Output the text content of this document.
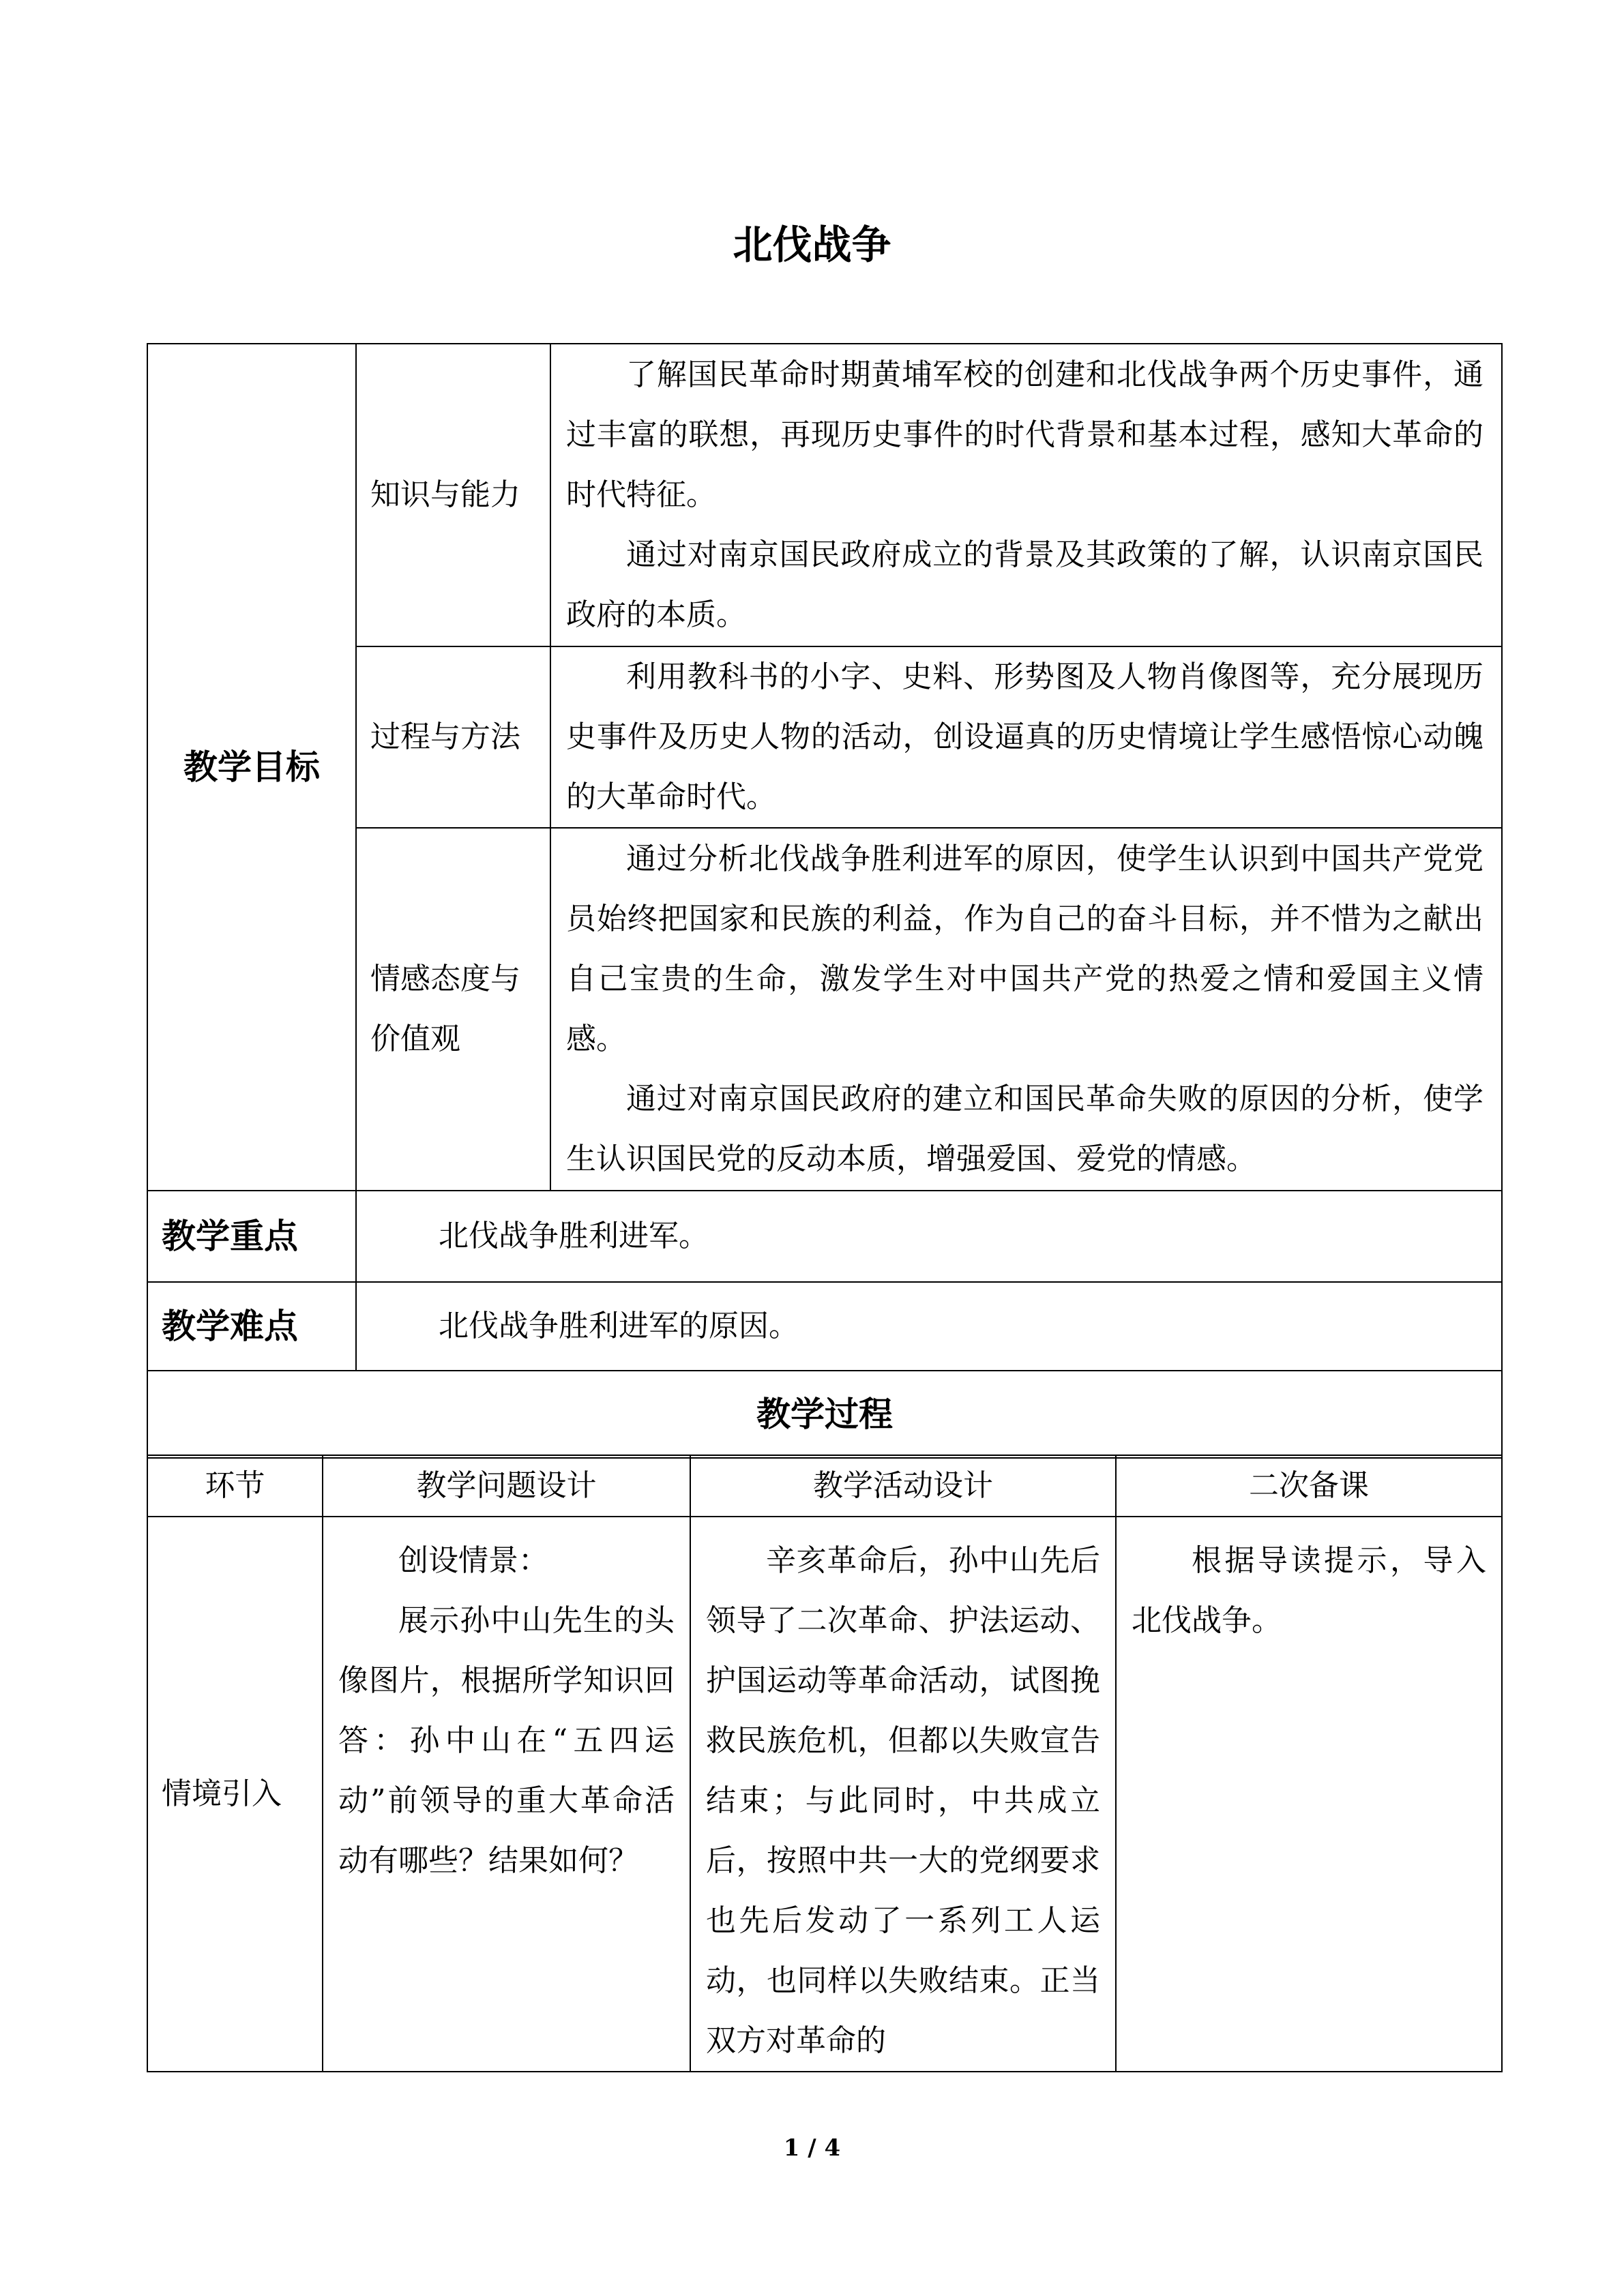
北伐战争
教学目标	知识与能力	了解国民革命时期黄埔军校的创建和北伐战争两个历史事件，通过丰富的联想，再现历史事件的时代背景和基本过程，感知大革命的时代特征。

通过对南京国民政府成立的背景及其政策的了解，认识南京国民政府的本质。

	过程与方法	利用教科书的小字、史料、形势图及人物肖像图等，充分展现历史事件及历史人物的活动，创设逼真的历史情境让学生感悟惊心动魄的大革命时代。

	情感态度与价值观	通过分析北伐战争胜利进军的原因，使学生认识到中国共产党党员始终把国家和民族的利益，作为自己的奋斗目标，并不惜为之献出自己宝贵的生命，激发学生对中国共产党的热爱之情和爱国主义情感。

通过对南京国民政府的建立和国民革命失败的原因的分析，使学生认识国民党的反动本质，增强爱国、爱党的情感。

教学重点	北伐战争胜利进军。	
教学难点	北伐战争胜利进军的原因。	
教学过程		
环节	教学问题设计	教学活动设计	二次备课
情境引入	创设情景：

展示孙中山先生的头像图片，根据所学知识回答：孙中山在“五四运动”前领导的重大革命活动有哪些？结果如何？	辛亥革命后，孙中山先后领导了二次革命、护法运动、护国运动等革命活动，试图挽救民族危机，但都以失败宣告结束；与此同时，中共成立后，按照中共一大的党纲要求也先后发动了一系列工人运动，也同样以失败结束。正当双方对革命的	根据导读提示，导入北伐战争。

1 / 4
